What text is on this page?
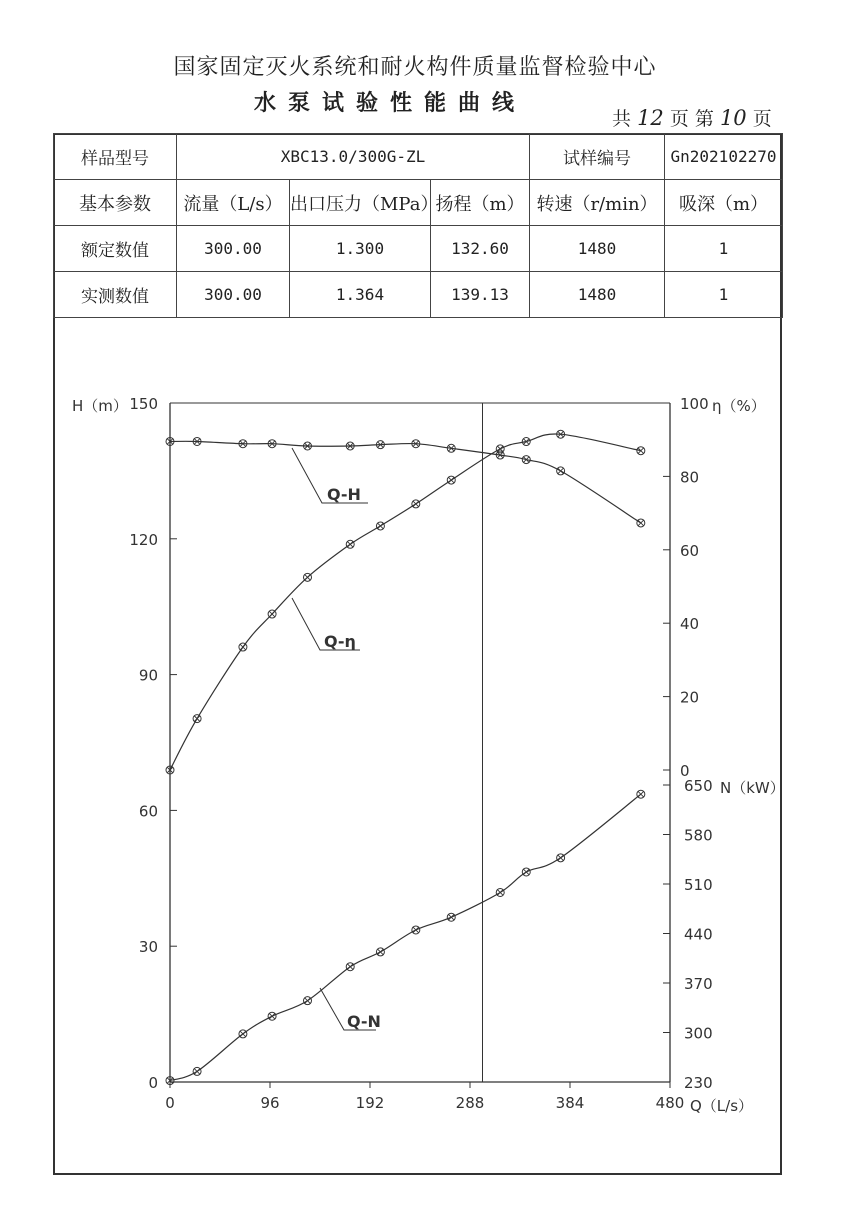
国家固定灭火系统和耐火构件质量监督检验中心
水泵试验性能曲线
共 12 页 第 10 页
样品型号	XBC13.0/300G-ZL			试样编号	Gn202102270
基本参数	流量（L/s）	出口压力（MPa）	扬程（m）	转速（r/min）	吸深（m）
额定数值	300.00	1.300	132.60	1480	1
实测数值	300.00	1.364	139.13	1480	1
0	96	192	288	384	480 Q（L/s）
0
30
60
90
120
150
H（m）
0
20
40
60
80
100 η（%）
230
300
370
440
510
580
650 N（kW）
Q-H
Q-η
Q-N
